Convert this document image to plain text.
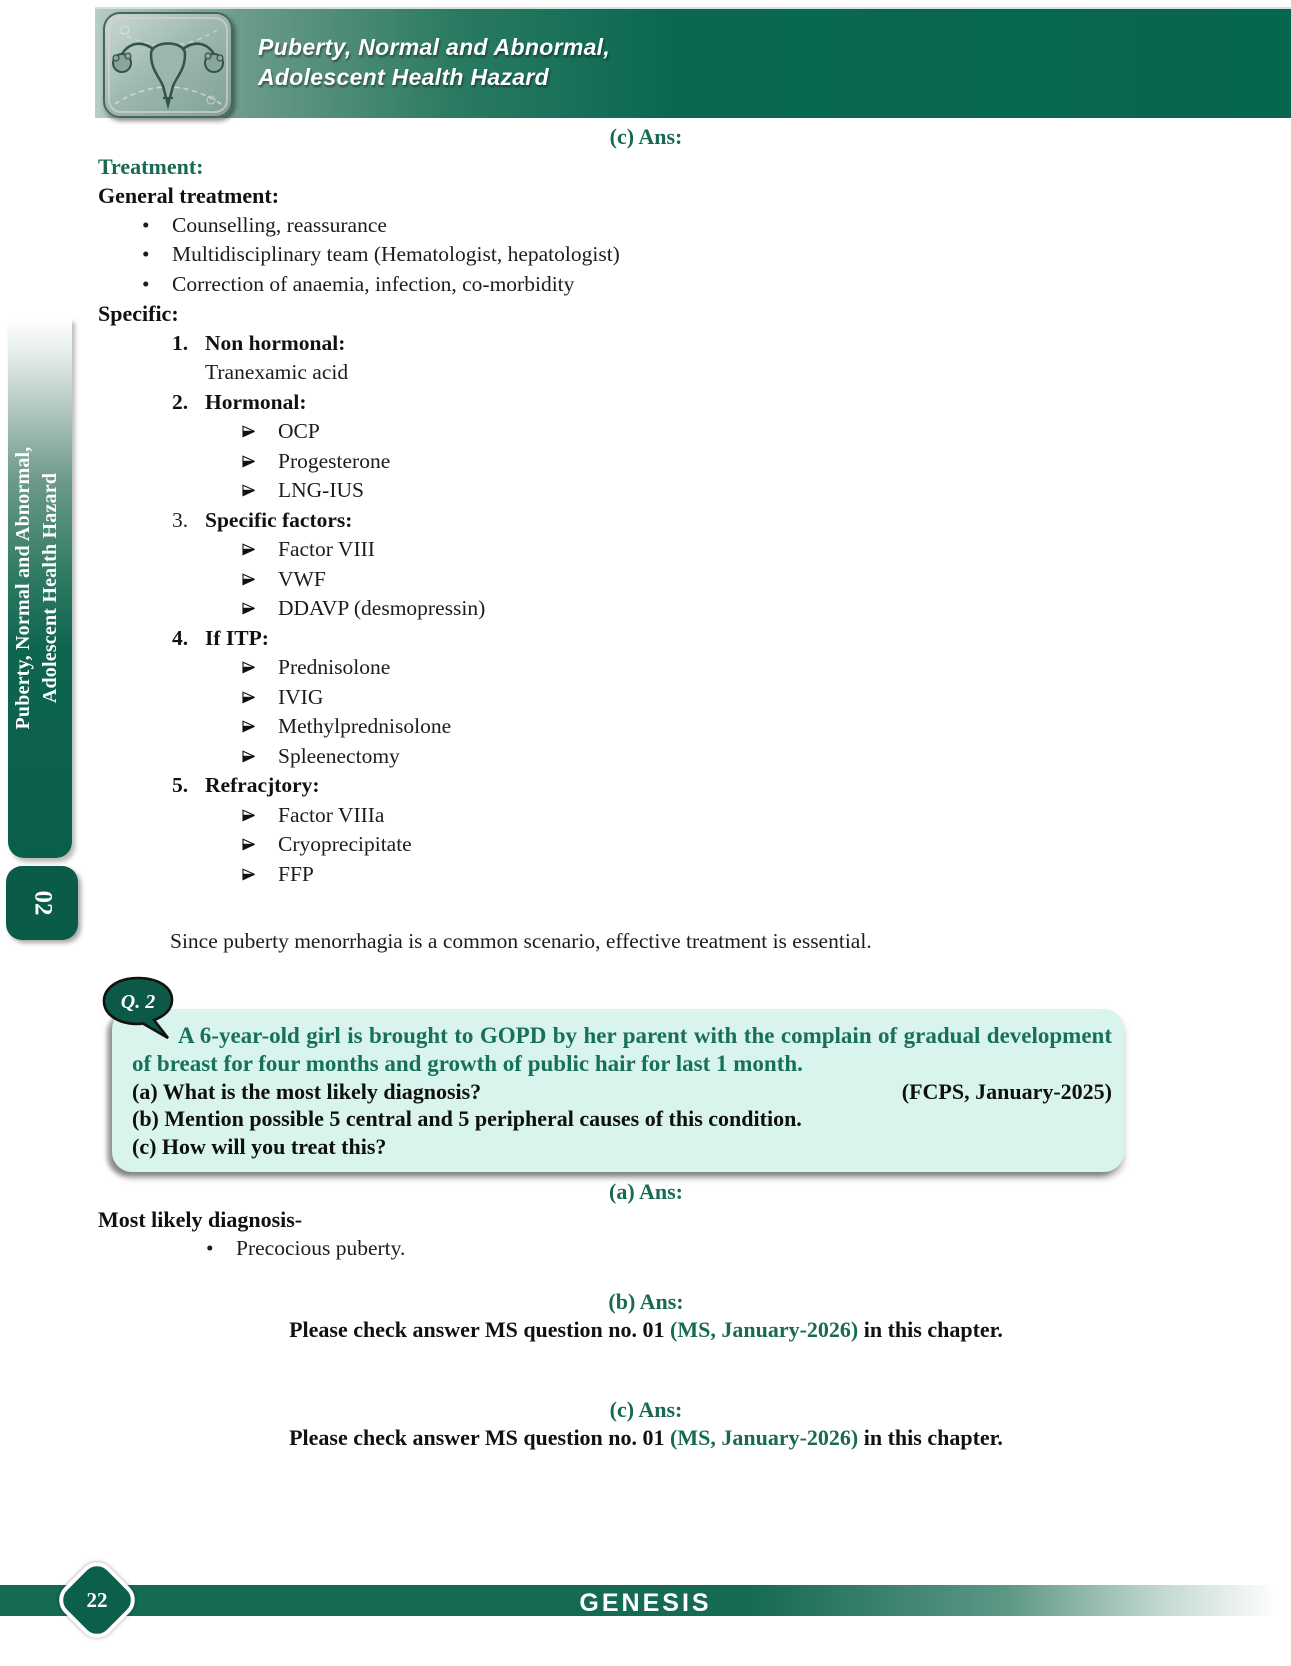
Puberty, Normal and Abnormal,
Adolescent Health Hazard
Puberty, Normal and Abnormal, Adolescent Health Hazard
02
(c) Ans:
Treatment:
General treatment:
•	Counselling, reassurance
•	Multidisciplinary team (Hematologist, hepatologist)
•	Correction of anaemia, infection, co-morbidity
Specific:
1. Non hormonal:
Tranexamic acid
2. Hormonal:
OCP
Progesterone
LNG-IUS
3. Specific factors:
Factor VIII
VWF
DDAVP (desmopressin)
4. If ITP:
Prednisolone
IVIG
Methylprednisolone
Spleenectomy
5. Refracjtory:
Factor VIIIa
Cryoprecipitate
FFP
Since puberty menorrhagia is a common scenario, effective treatment is essential.
Q. 2
A 6-year-old girl is brought to GOPD by her parent with the complain of gradual development of breast for four months and growth of public hair for last 1 month.
(a) What is the most likely diagnosis?	(FCPS, January-2025)
(b) Mention possible 5 central and 5 peripheral causes of this condition.
(c) How will you treat this?
(a) Ans:
Most likely diagnosis-
•	Precocious puberty.
(b) Ans:
Please check answer MS question no. 01 (MS, January-2026) in this chapter.
(c) Ans:
Please check answer MS question no. 01 (MS, January-2026) in this chapter.
22	GENESIS
